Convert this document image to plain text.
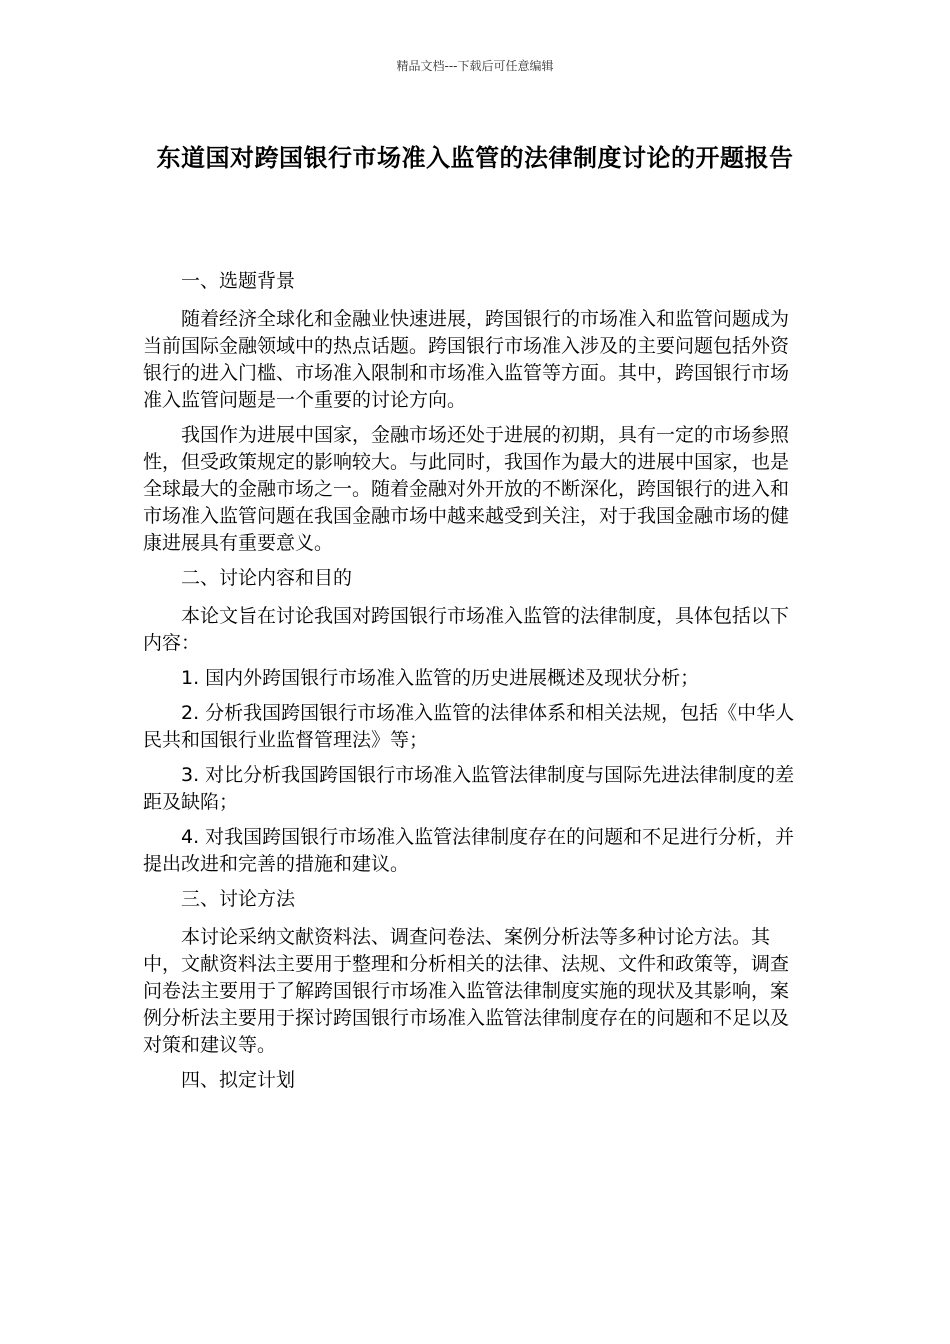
精品文档---下载后可任意编辑
东道国对跨国银行市场准入监管的法律制度讨论的开题报告

一、选题背景

随着经济全球化和金融业快速进展，跨国银行的市场准入和监管问题成为当前国际金融领域中的热点话题。跨国银行市场准入涉及的主要问题包括外资银行的进入门槛、市场准入限制和市场准入监管等方面。其中，跨国银行市场准入监管问题是一个重要的讨论方向。

我国作为进展中国家，金融市场还处于进展的初期，具有一定的市场参照性，但受政策规定的影响较大。与此同时，我国作为最大的进展中国家，也是全球最大的金融市场之一。随着金融对外开放的不断深化，跨国银行的进入和市场准入监管问题在我国金融市场中越来越受到关注，对于我国金融市场的健康进展具有重要意义。

二、讨论内容和目的

本论文旨在讨论我国对跨国银行市场准入监管的法律制度，具体包括以下内容：

1. 国内外跨国银行市场准入监管的历史进展概述及现状分析；

2. 分析我国跨国银行市场准入监管的法律体系和相关法规，包括《中华人民共和国银行业监督管理法》等；

3. 对比分析我国跨国银行市场准入监管法律制度与国际先进法律制度的差距及缺陷；

4. 对我国跨国银行市场准入监管法律制度存在的问题和不足进行分析，并提出改进和完善的措施和建议。

三、讨论方法

本讨论采纳文献资料法、调查问卷法、案例分析法等多种讨论方法。其中，文献资料法主要用于整理和分析相关的法律、法规、文件和政策等，调查问卷法主要用于了解跨国银行市场准入监管法律制度实施的现状及其影响，案例分析法主要用于探讨跨国银行市场准入监管法律制度存在的问题和不足以及对策和建议等。

四、拟定计划
